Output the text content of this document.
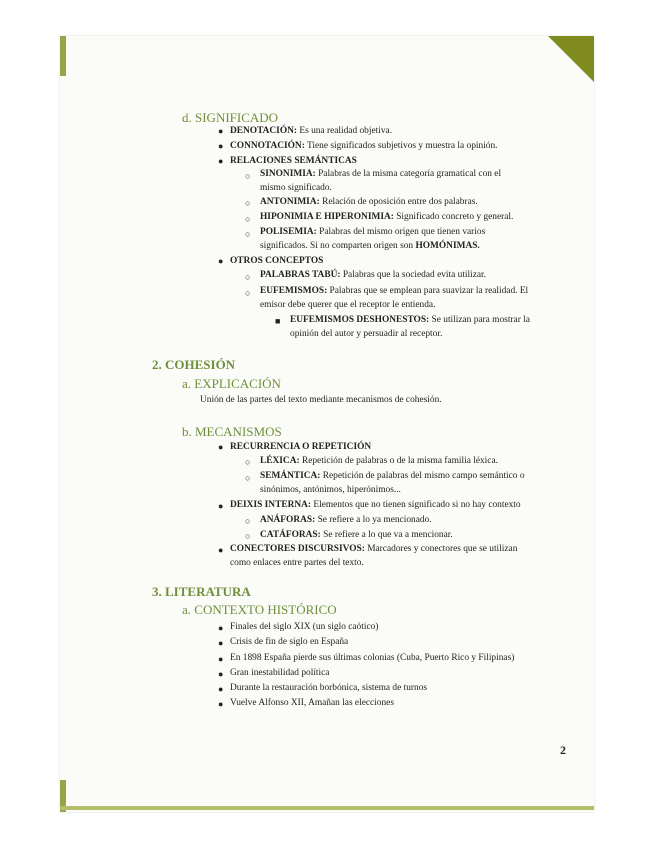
d. SIGNIFICADO
● DENOTACIÓN: Es una realidad objetiva.
● CONNOTACIÓN: Tiene significados subjetivos y muestra la opinión.
● RELACIONES SEMÁNTICAS
○ SINONIMIA: Palabras de la misma categoría gramatical con el
mismo significado.
○ ANTONIMIA: Relación de oposición entre dos palabras.
○ HIPONIMIA E HIPERONIMIA: Significado concreto y general.
○ POLISEMIA: Palabras del mismo origen que tienen varios
significados. Si no comparten origen son HOMÓNIMAS.
● OTROS CONCEPTOS
○ PALABRAS TABÚ: Palabras que la sociedad evita utilizar.
○ EUFEMISMOS: Palabras que se emplean para suavizar la realidad. El
emisor debe querer que el receptor le entienda.
■ EUFEMISMOS DESHONESTOS: Se utilizan para mostrar la
opinión del autor y persuadir al receptor.
2. COHESIÓN
a. EXPLICACIÓN
Unión de las partes del texto mediante mecanismos de cohesión.
b. MECANISMOS
● RECURRENCIA O REPETICIÓN
○ LÉXICA: Repetición de palabras o de la misma familia léxica.
○ SEMÁNTICA: Repetición de palabras del mismo campo semántico o
sinónimos, antónimos, hiperónimos...
● DEIXIS INTERNA: Elementos que no tienen significado si no hay contexto
○ ANÁFORAS: Se refiere a lo ya mencionado.
○ CATÁFORAS: Se refiere a lo que va a mencionar.
● CONECTORES DISCURSIVOS: Marcadores y conectores que se utilizan
como enlaces entre partes del texto.
3. LITERATURA
a. CONTEXTO HISTÓRICO
● Finales del siglo XIX (un siglo caótico)
● Crisis de fin de siglo en España
● En 1898 España pierde sus últimas colonias (Cuba, Puerto Rico y Filipinas)
● Gran inestabilidad política
● Durante la restauración borbónica, sistema de turnos
● Vuelve Alfonso XII, Amañan las elecciones
2
